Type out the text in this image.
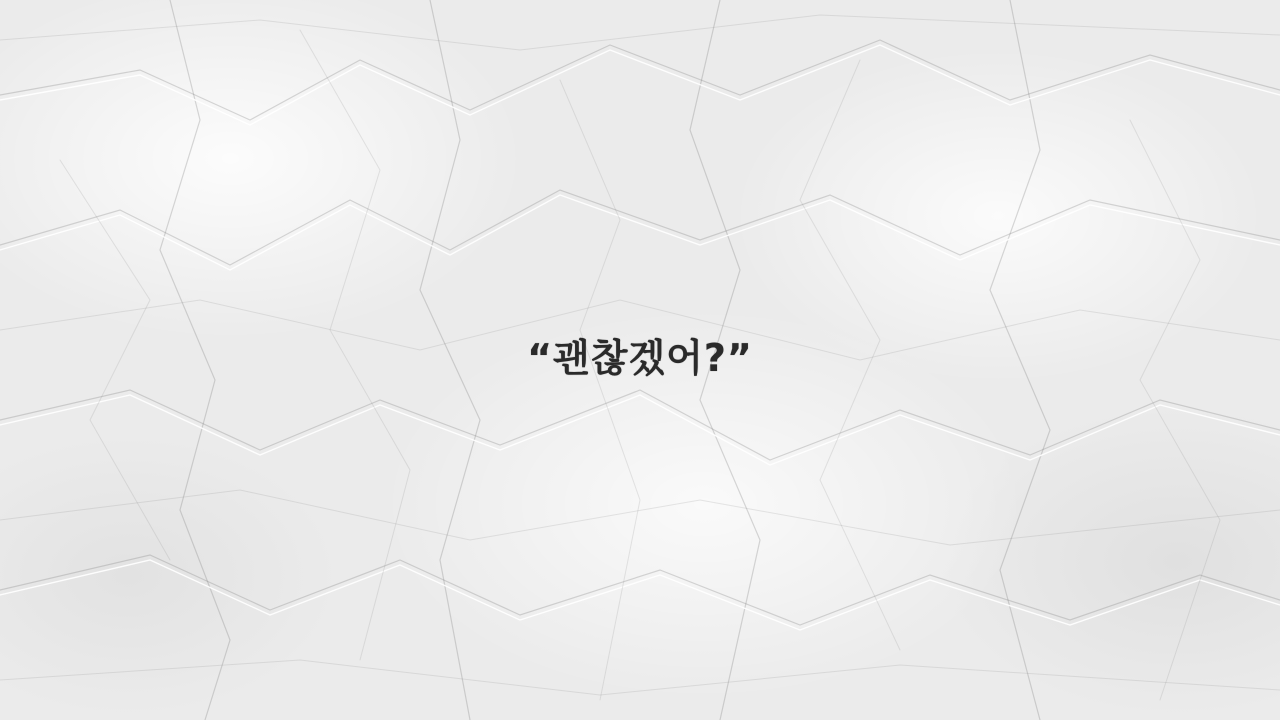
“괜찮겠어?”
